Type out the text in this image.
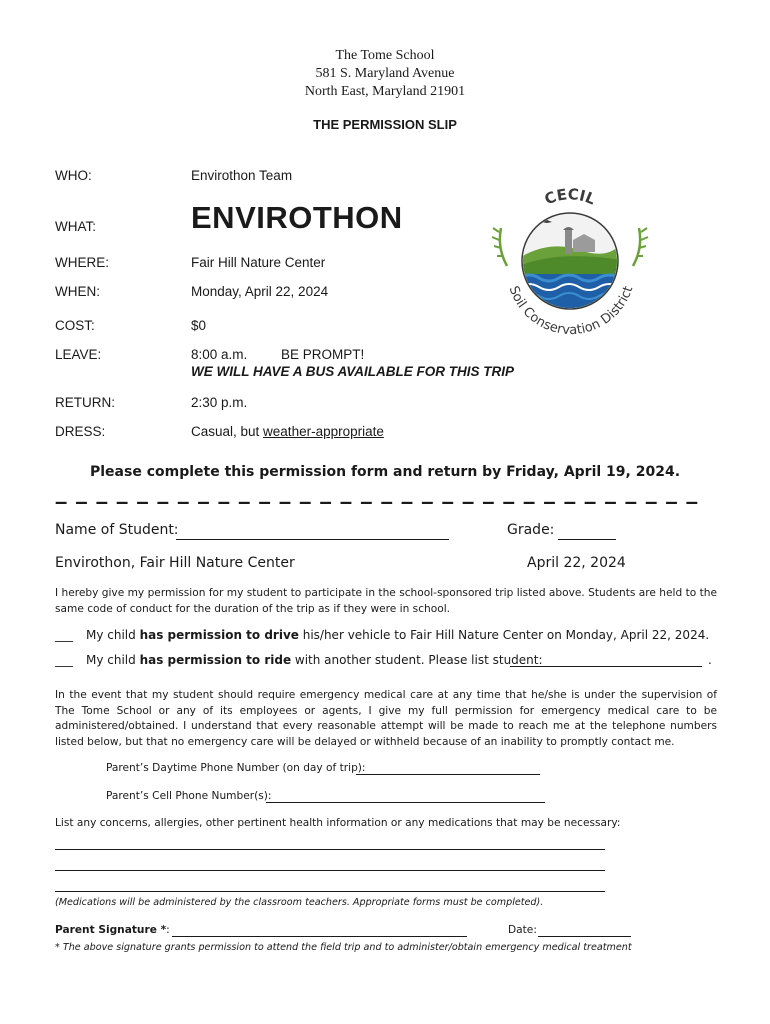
The Tome School
581 S. Maryland Avenue
North East, Maryland 21901
THE PERMISSION SLIP
WHO:	Envirothon Team
WHAT:	ENVIROTHON
WHERE:	Fair Hill Nature Center
WHEN:	Monday, April 22, 2024
COST:	$0
LEAVE:	8:00 a.m. BE PROMPT!
WE WILL HAVE A BUS AVAILABLE FOR THIS TRIP
RETURN:	2:30 p.m.
DRESS:	Casual, but weather-appropriate
CECIL
Soil Conservation District
Please complete this permission form and return by Friday, April 19, 2024.
– – – – – – – – – – – – – – – – – – – – – – – – – – – – – – – –
Name of Student:	Grade:
Envirothon, Fair Hill Nature Center	April 22, 2024
I hereby give my permission for my student to participate in the school-sponsored trip listed above. Students are held to the same code of conduct for the duration of the trip as if they were in school.
___ My child has permission to drive his/her vehicle to Fair Hill Nature Center on Monday, April 22, 2024.
___ My child has permission to ride with another student. Please list student:	.
In the event that my student should require emergency medical care at any time that he/she is under the supervision of The Tome School or any of its employees or agents, I give my full permission for emergency medical care to be administered/obtained. I understand that every reasonable attempt will be made to reach me at the telephone numbers listed below, but that no emergency care will be delayed or withheld because of an inability to promptly contact me.
Parent’s Daytime Phone Number (on day of trip):
Parent’s Cell Phone Number(s):
List any concerns, allergies, other pertinent health information or any medications that may be necessary:
(Medications will be administered by the classroom teachers. Appropriate forms must be completed).
Parent Signature *:	Date:
* The above signature grants permission to attend the field trip and to administer/obtain emergency medical treatment
